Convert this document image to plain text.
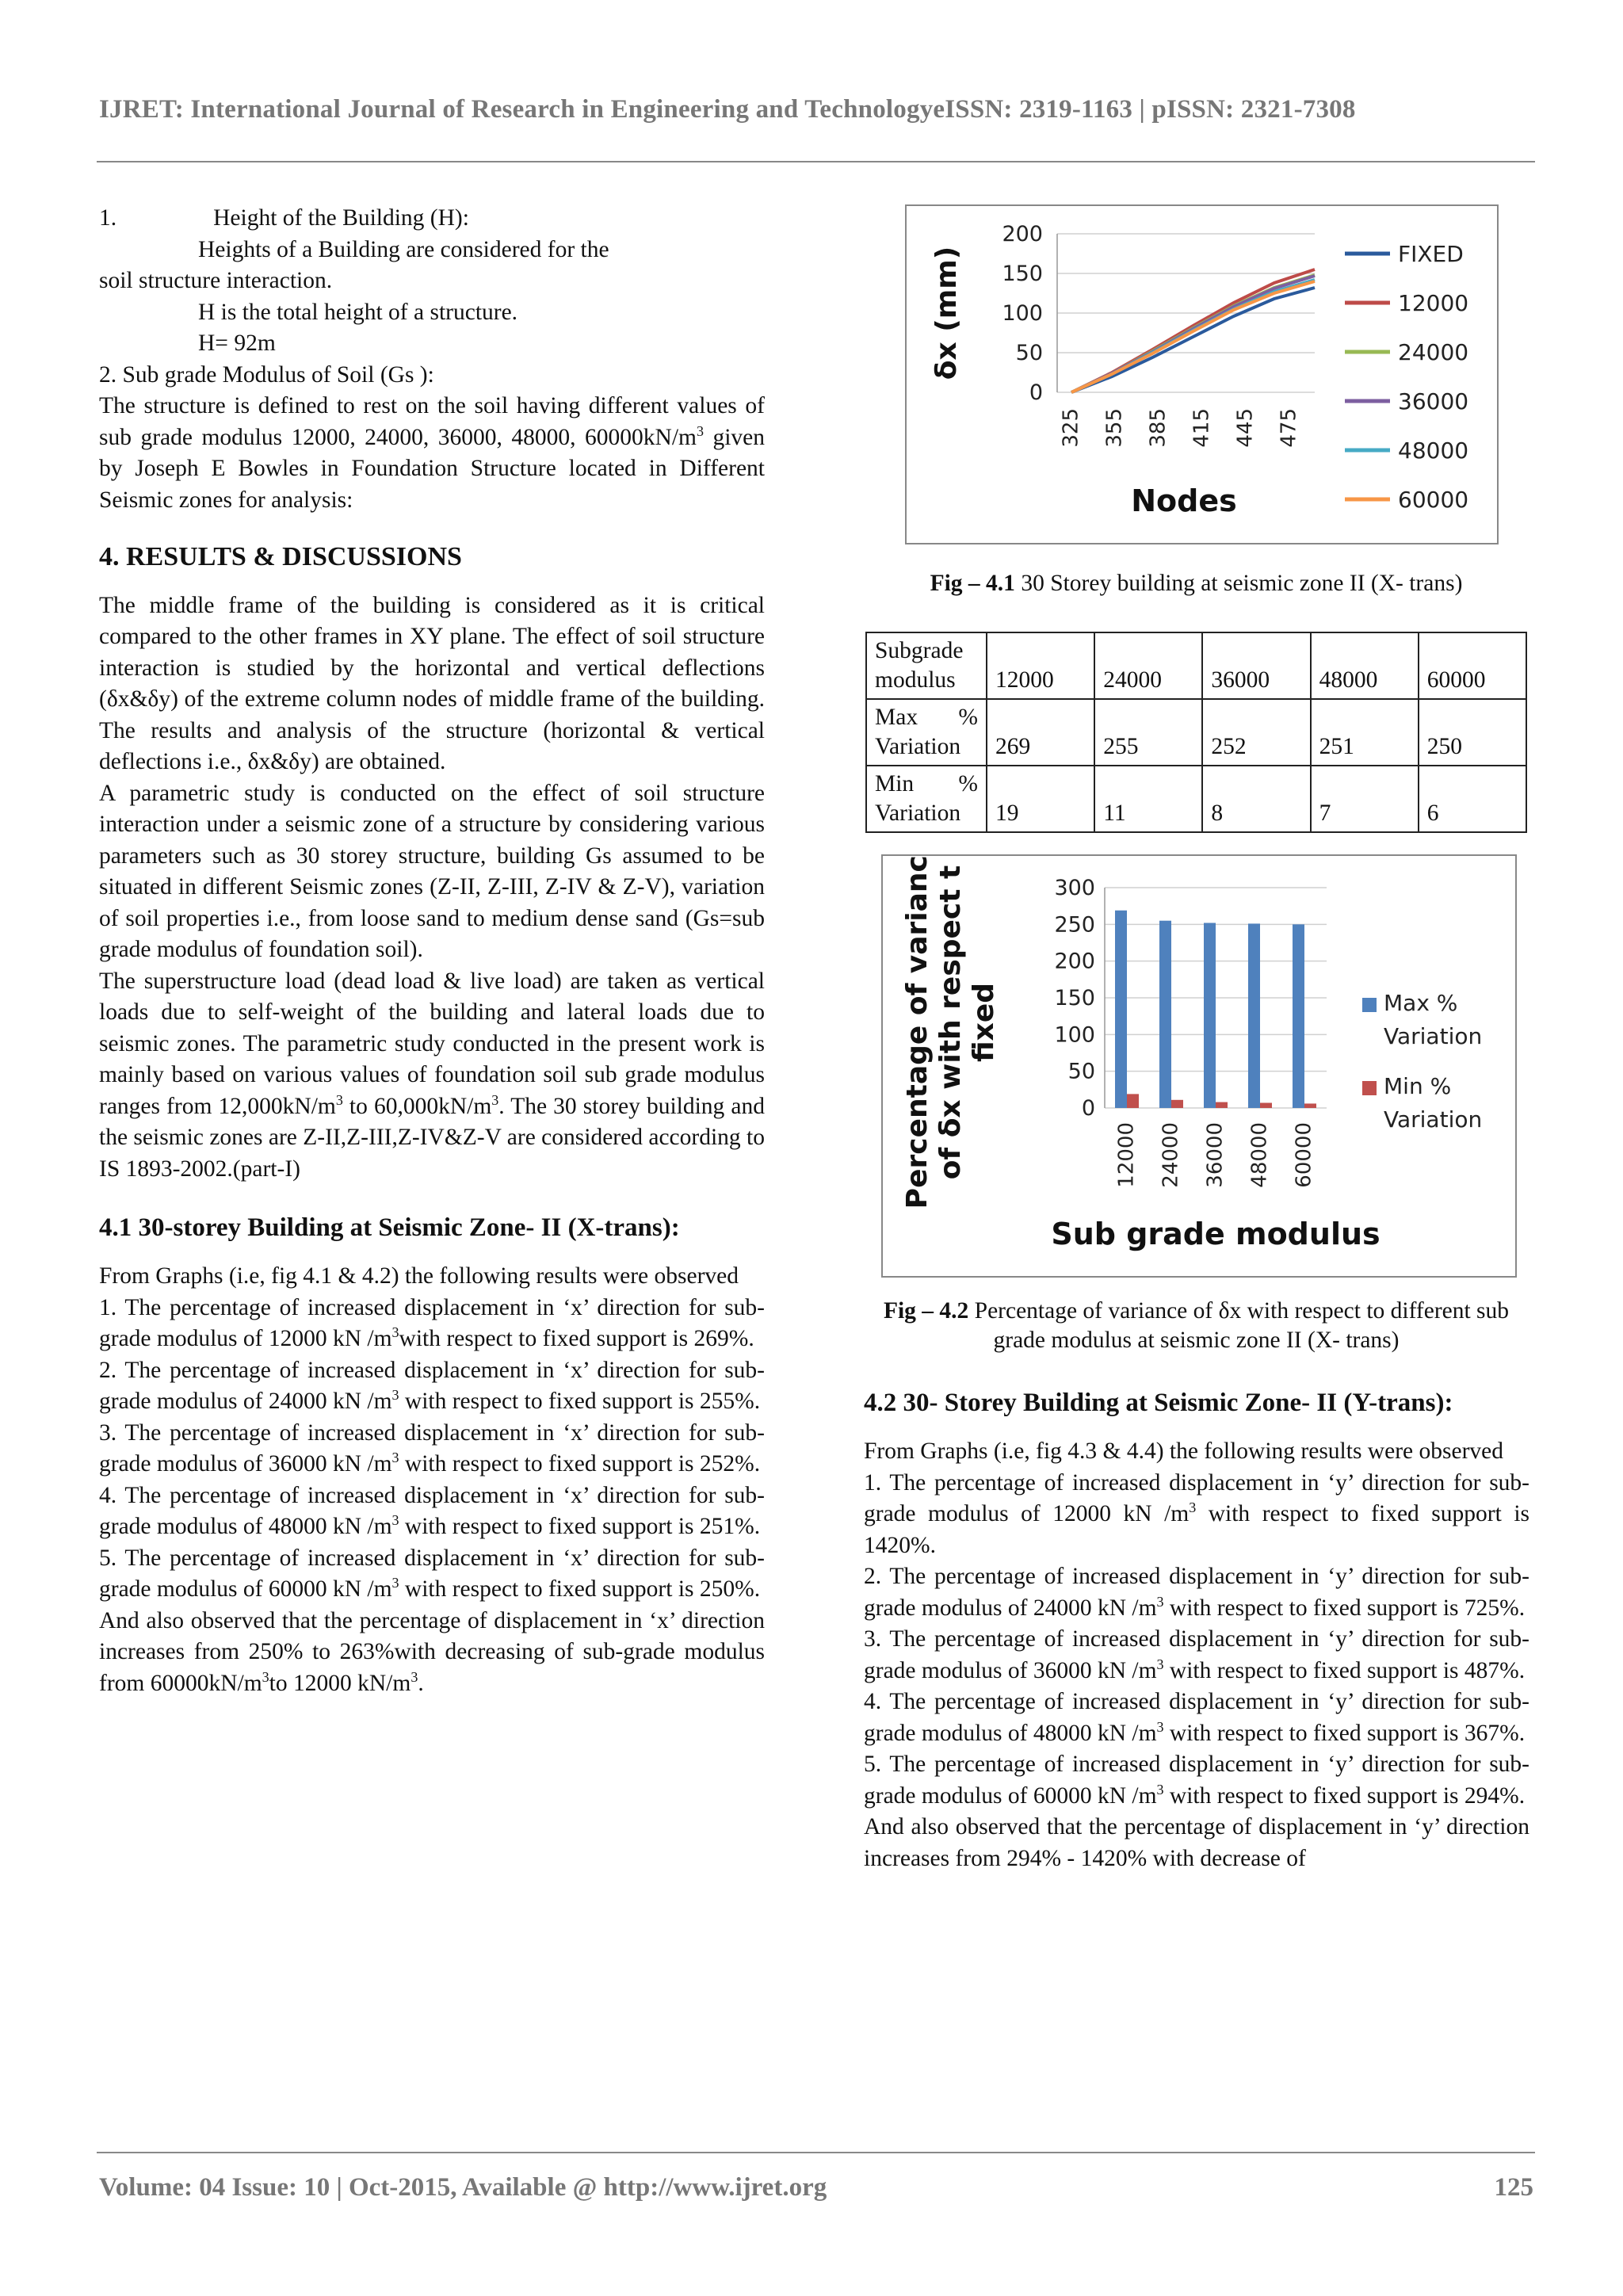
IJRET: International Journal of Research in Engineering and TechnologyeISSN: 2319-1163 | pISSN: 2321-7308

1.	Height of the Building (H):

Heights of a Building are considered for the

soil structure interaction.

H is the total height of a structure.

H= 92m

2. Sub grade Modulus of Soil (Gs ):

The structure is defined to rest on the soil having different values of sub grade modulus 12000, 24000, 36000, 48000, $60000kN/m^3$ given by Joseph E Bowles in Foundation Structure located in Different Seismic zones for analysis:

4. RESULTS & DISCUSSIONS

The middle frame of the building is considered as it is critical compared to the other frames in XY plane. The effect of soil structure interaction is studied by the horizontal and vertical deflections (δx&δy) of the extreme column nodes of middle frame of the building. The results and analysis of the structure (horizontal & vertical deflections i.e., δx&δy) are obtained.

A parametric study is conducted on the effect of soil structure interaction under a seismic zone of a structure by considering various parameters such as 30 storey structure, building Gs assumed to be situated in different Seismic zones (Z-II, Z-III, Z-IV & Z-V), variation of soil properties i.e., from loose sand to medium dense sand (Gs=sub grade modulus of foundation soil).

The superstructure load (dead load & live load) are taken as vertical loads due to self-weight of the building and lateral loads due to seismic zones. The parametric study conducted in the present work is mainly based on various values of foundation soil sub grade modulus ranges from $12,000kN/m^3$ to $60,000kN/m^3$. The 30 storey building and the seismic zones are Z-II,Z-III,Z-IV&Z-V are considered according to IS 1893-2002.(part-I)

4.1 30-storey Building at Seismic Zone- II (X-trans):

From Graphs (i.e, fig 4.1 & 4.2) the following results were observed

1. The percentage of increased displacement in ‘x’ direction for sub-grade modulus of 12000 kN $/m^3with$ respect to fixed support is 269%.

2. The percentage of increased displacement in ‘x’ direction for sub-grade modulus of 24000 kN $/m^3$ with respect to fixed support is 255%.

3. The percentage of increased displacement in ‘x’ direction for sub-grade modulus of 36000 kN $/m^3$ with respect to fixed support is 252%.

4. The percentage of increased displacement in ‘x’ direction for sub-grade modulus of 48000 kN $/m^3$ with respect to fixed support is 251%.

5. The percentage of increased displacement in ‘x’ direction for sub-grade modulus of 60000 kN $/m^3$ with respect to fixed support is 250%.

And also observed that the percentage of displacement in ‘x’ direction increases from 250% to 263%with decreasing of sub-grade modulus from $60000kN/m^3to$ 12000 $kN/m^3$.

0
50
100
150
200
325 355 385 415 445 475
δx (mm)
Nodes
FIXED
12000
24000
36000
48000
60000
Fig – 4.1 30 Storey building at seismic zone II (X- trans)
Subgrade modulus	12000	24000	36000	48000	60000
Max % Variation	269	255	252	251	250
Min % Variation	19	11	8	7	6
0
50
100
150
200
250
300
12000 24000 36000 48000 60000
Percentage of variance of δx with respect t fixed
Sub grade modulus
Max %
Variation
Min %
Variation
Fig – 4.2 Percentage of variance of δx with respect to different sub grade modulus at seismic zone II (X- trans)

4.2 30- Storey Building at Seismic Zone- II (Y-trans):

From Graphs (i.e, fig 4.3 & 4.4) the following results were observed

1. The percentage of increased displacement in ‘y’ direction for sub-grade modulus of 12000 kN $/m^3$ with respect to fixed support is 1420%.

2. The percentage of increased displacement in ‘y’ direction for sub-grade modulus of 24000 kN $/m^3$ with respect to fixed support is 725%.

3. The percentage of increased displacement in ‘y’ direction for sub-grade modulus of 36000 kN $/m^3$ with respect to fixed support is 487%.

4. The percentage of increased displacement in ‘y’ direction for sub-grade modulus of 48000 kN $/m^3$ with respect to fixed support is 367%.

5. The percentage of increased displacement in ‘y’ direction for sub-grade modulus of 60000 kN $/m^3$ with respect to fixed support is 294%.

And also observed that the percentage of displacement in ‘y’ direction increases from 294% - 1420% with decrease of

Volume: 04 Issue: 10 | Oct-2015, Available @ http://www.ijret.org	125
